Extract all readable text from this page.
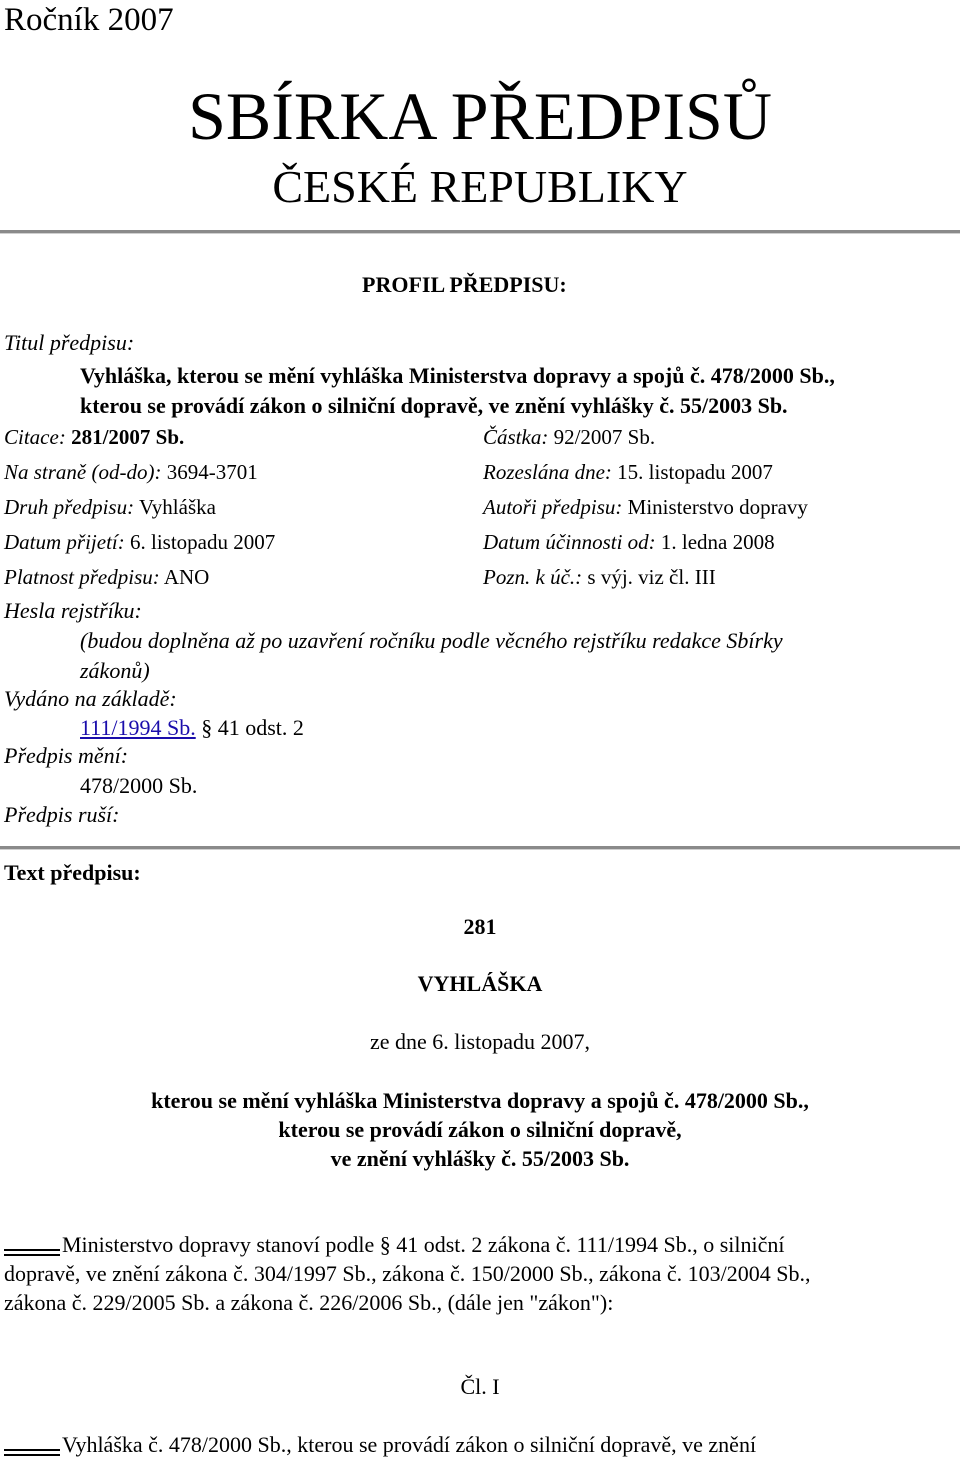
Ročník 2007
SBÍRKA PŘEDPISŮ
ČESKÉ REPUBLIKY
PROFIL PŘEDPISU:
Titul předpisu:
Vyhláška, kterou se mění vyhláška Ministerstva dopravy a spojů č. 478/2000 Sb.,
kterou se provádí zákon o silniční dopravě, ve znění vyhlášky č. 55/2003 Sb.
Citace: 281/2007 Sb.	Částka: 92/2007 Sb.
Na straně (od-do): 3694-3701	Rozeslána dne: 15. listopadu 2007
Druh předpisu: Vyhláška	Autoři předpisu: Ministerstvo dopravy
Datum přijetí: 6. listopadu 2007	Datum účinnosti od: 1. ledna 2008
Platnost předpisu: ANO	Pozn. k úč.: s výj. viz čl. III
Hesla rejstříku:
(budou doplněna až po uzavření ročníku podle věcného rejstříku redakce Sbírky
zákonů)
Vydáno na základě:
111/1994 Sb. § 41 odst. 2
Předpis mění:
478/2000 Sb.
Předpis ruší:
Text předpisu:
281
VYHLÁŠKA
ze dne 6. listopadu 2007,
kterou se mění vyhláška Ministerstva dopravy a spojů č. 478/2000 Sb.,
kterou se provádí zákon o silniční dopravě,
ve znění vyhlášky č. 55/2003 Sb.
Ministerstvo dopravy stanoví podle § 41 odst. 2 zákona č. 111/1994 Sb., o silniční
dopravě, ve znění zákona č. 304/1997 Sb., zákona č. 150/2000 Sb., zákona č. 103/2004 Sb.,
zákona č. 229/2005 Sb. a zákona č. 226/2006 Sb., (dále jen "zákon"):
Čl. I
Vyhláška č. 478/2000 Sb., kterou se provádí zákon o silniční dopravě, ve znění
